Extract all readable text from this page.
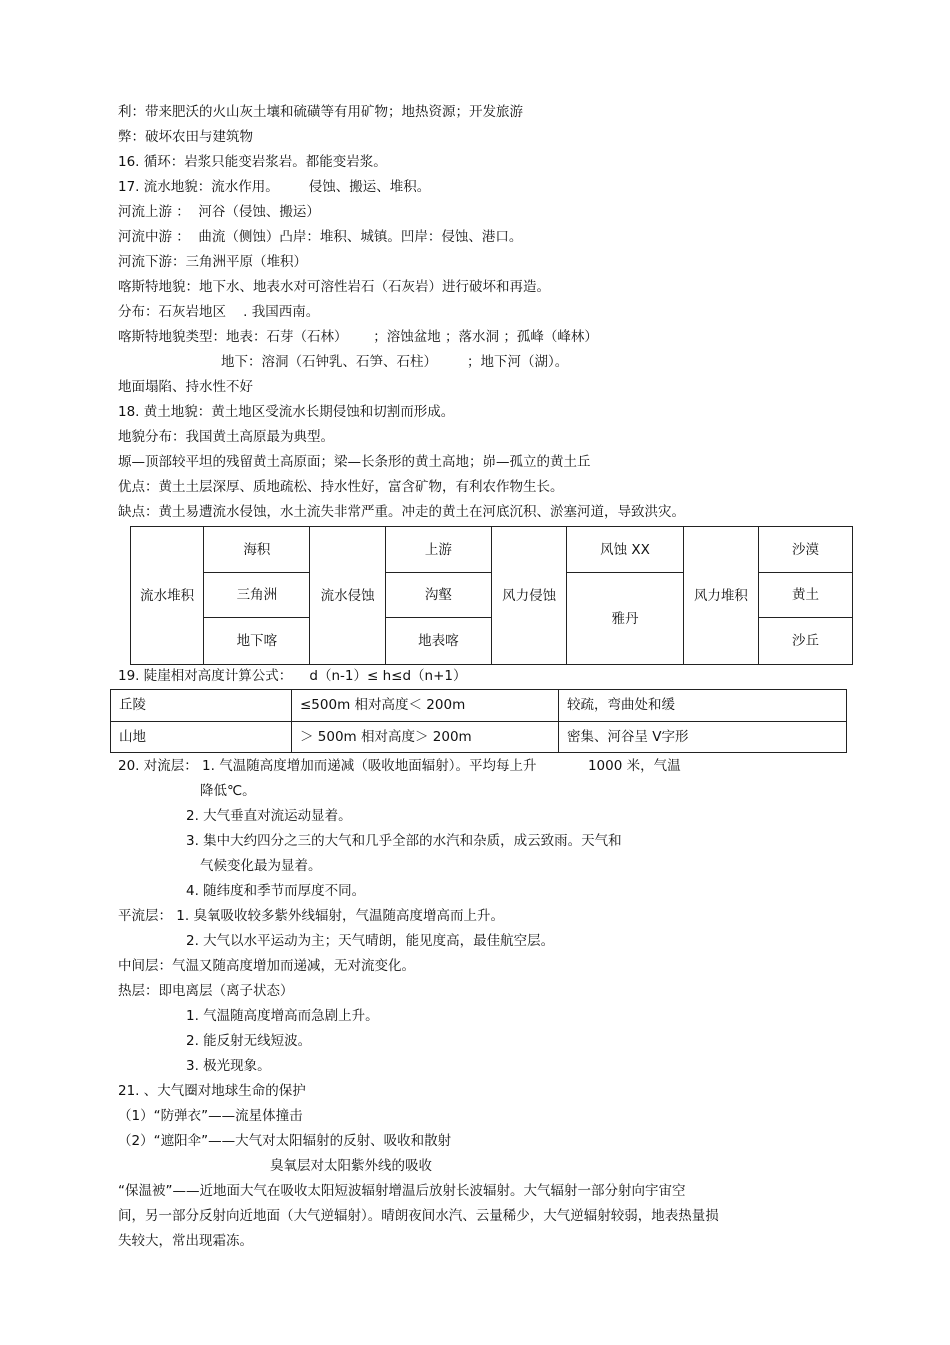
利：带来肥沃的火山灰土壤和硫磺等有用矿物；地热资源；开发旅游
弊：破坏农田与建筑物
16. 循环：岩浆只能变岩浆岩。都能变岩浆。
17. 流水地貌：流水作用。       侵蚀、搬运、堆积。
河流上游 ：  河谷（侵蚀、搬运）
河流中游 ：  曲流（侧蚀）凸岸：堆积、城镇。凹岸：侵蚀、港口。
河流下游：三角洲平原（堆积）
喀斯特地貌：地下水、地表水对可溶性岩石（石灰岩）进行破坏和再造。
分布：石灰岩地区    . 我国西南。
喀斯特地貌类型：地表：石芽（石林）      ；溶蚀盆地 ；落水洞 ；孤峰（峰林）
地下：溶洞（石钟乳、石笋、石柱）       ；地下河（湖）。
地面塌陷、持水性不好
18. 黄土地貌：黄土地区受流水长期侵蚀和切割而形成。
地貌分布：我国黄土高原最为典型。
塬—顶部较平坦的残留黄土高原面；梁—长条形的黄土高地；峁—孤立的黄土丘
优点：黄土土层深厚、质地疏松、持水性好，富含矿物，有利农作物生长。
缺点：黄土易遭流水侵蚀，水土流失非常严重。冲走的黄土在河底沉积、淤塞河道，导致洪灾。
流水堆积	海积	流水侵蚀	上游	风力侵蚀	风蚀 XX	风力堆积	沙漠
	三角洲		沟壑		雅丹		黄土
	地下喀		地表喀				沙丘
19. 陡崖相对高度计算公式：    d（n-1）≤ h≤d（n+1）
丘陵	≤500m 相对高度＜ 200m	较疏，弯曲处和缓
山地	＞ 500m 相对高度＞ 200m	密集、河谷呈 V字形
20. 对流层： 1. 气温随高度增加而递减（吸收地面辐射）。平均每上升            1000 米，气温
降低℃。
2. 大气垂直对流运动显着。
3. 集中大约四分之三的大气和几乎全部的水汽和杂质，成云致雨。天气和
气候变化最为显着。
4. 随纬度和季节而厚度不同。
平流层： 1. 臭氧吸收较多紫外线辐射，气温随高度增高而上升。
2. 大气以水平运动为主；天气晴朗，能见度高，最佳航空层。
中间层：气温又随高度增加而递减，无对流变化。
热层：即电离层（离子状态）
1. 气温随高度增高而急剧上升。
2. 能反射无线短波。
3. 极光现象。
21. 、大气圈对地球生命的保护
（1）“防弹衣”——流星体撞击
（2）“遮阳伞”——大气对太阳辐射的反射、吸收和散射
臭氧层对太阳紫外线的吸收
“保温被”——近地面大气在吸收太阳短波辐射增温后放射长波辐射。大气辐射一部分射向宇宙空
间，另一部分反射向近地面（大气逆辐射）。晴朗夜间水汽、云量稀少，大气逆辐射较弱，地表热量损
失较大，常出现霜冻。
